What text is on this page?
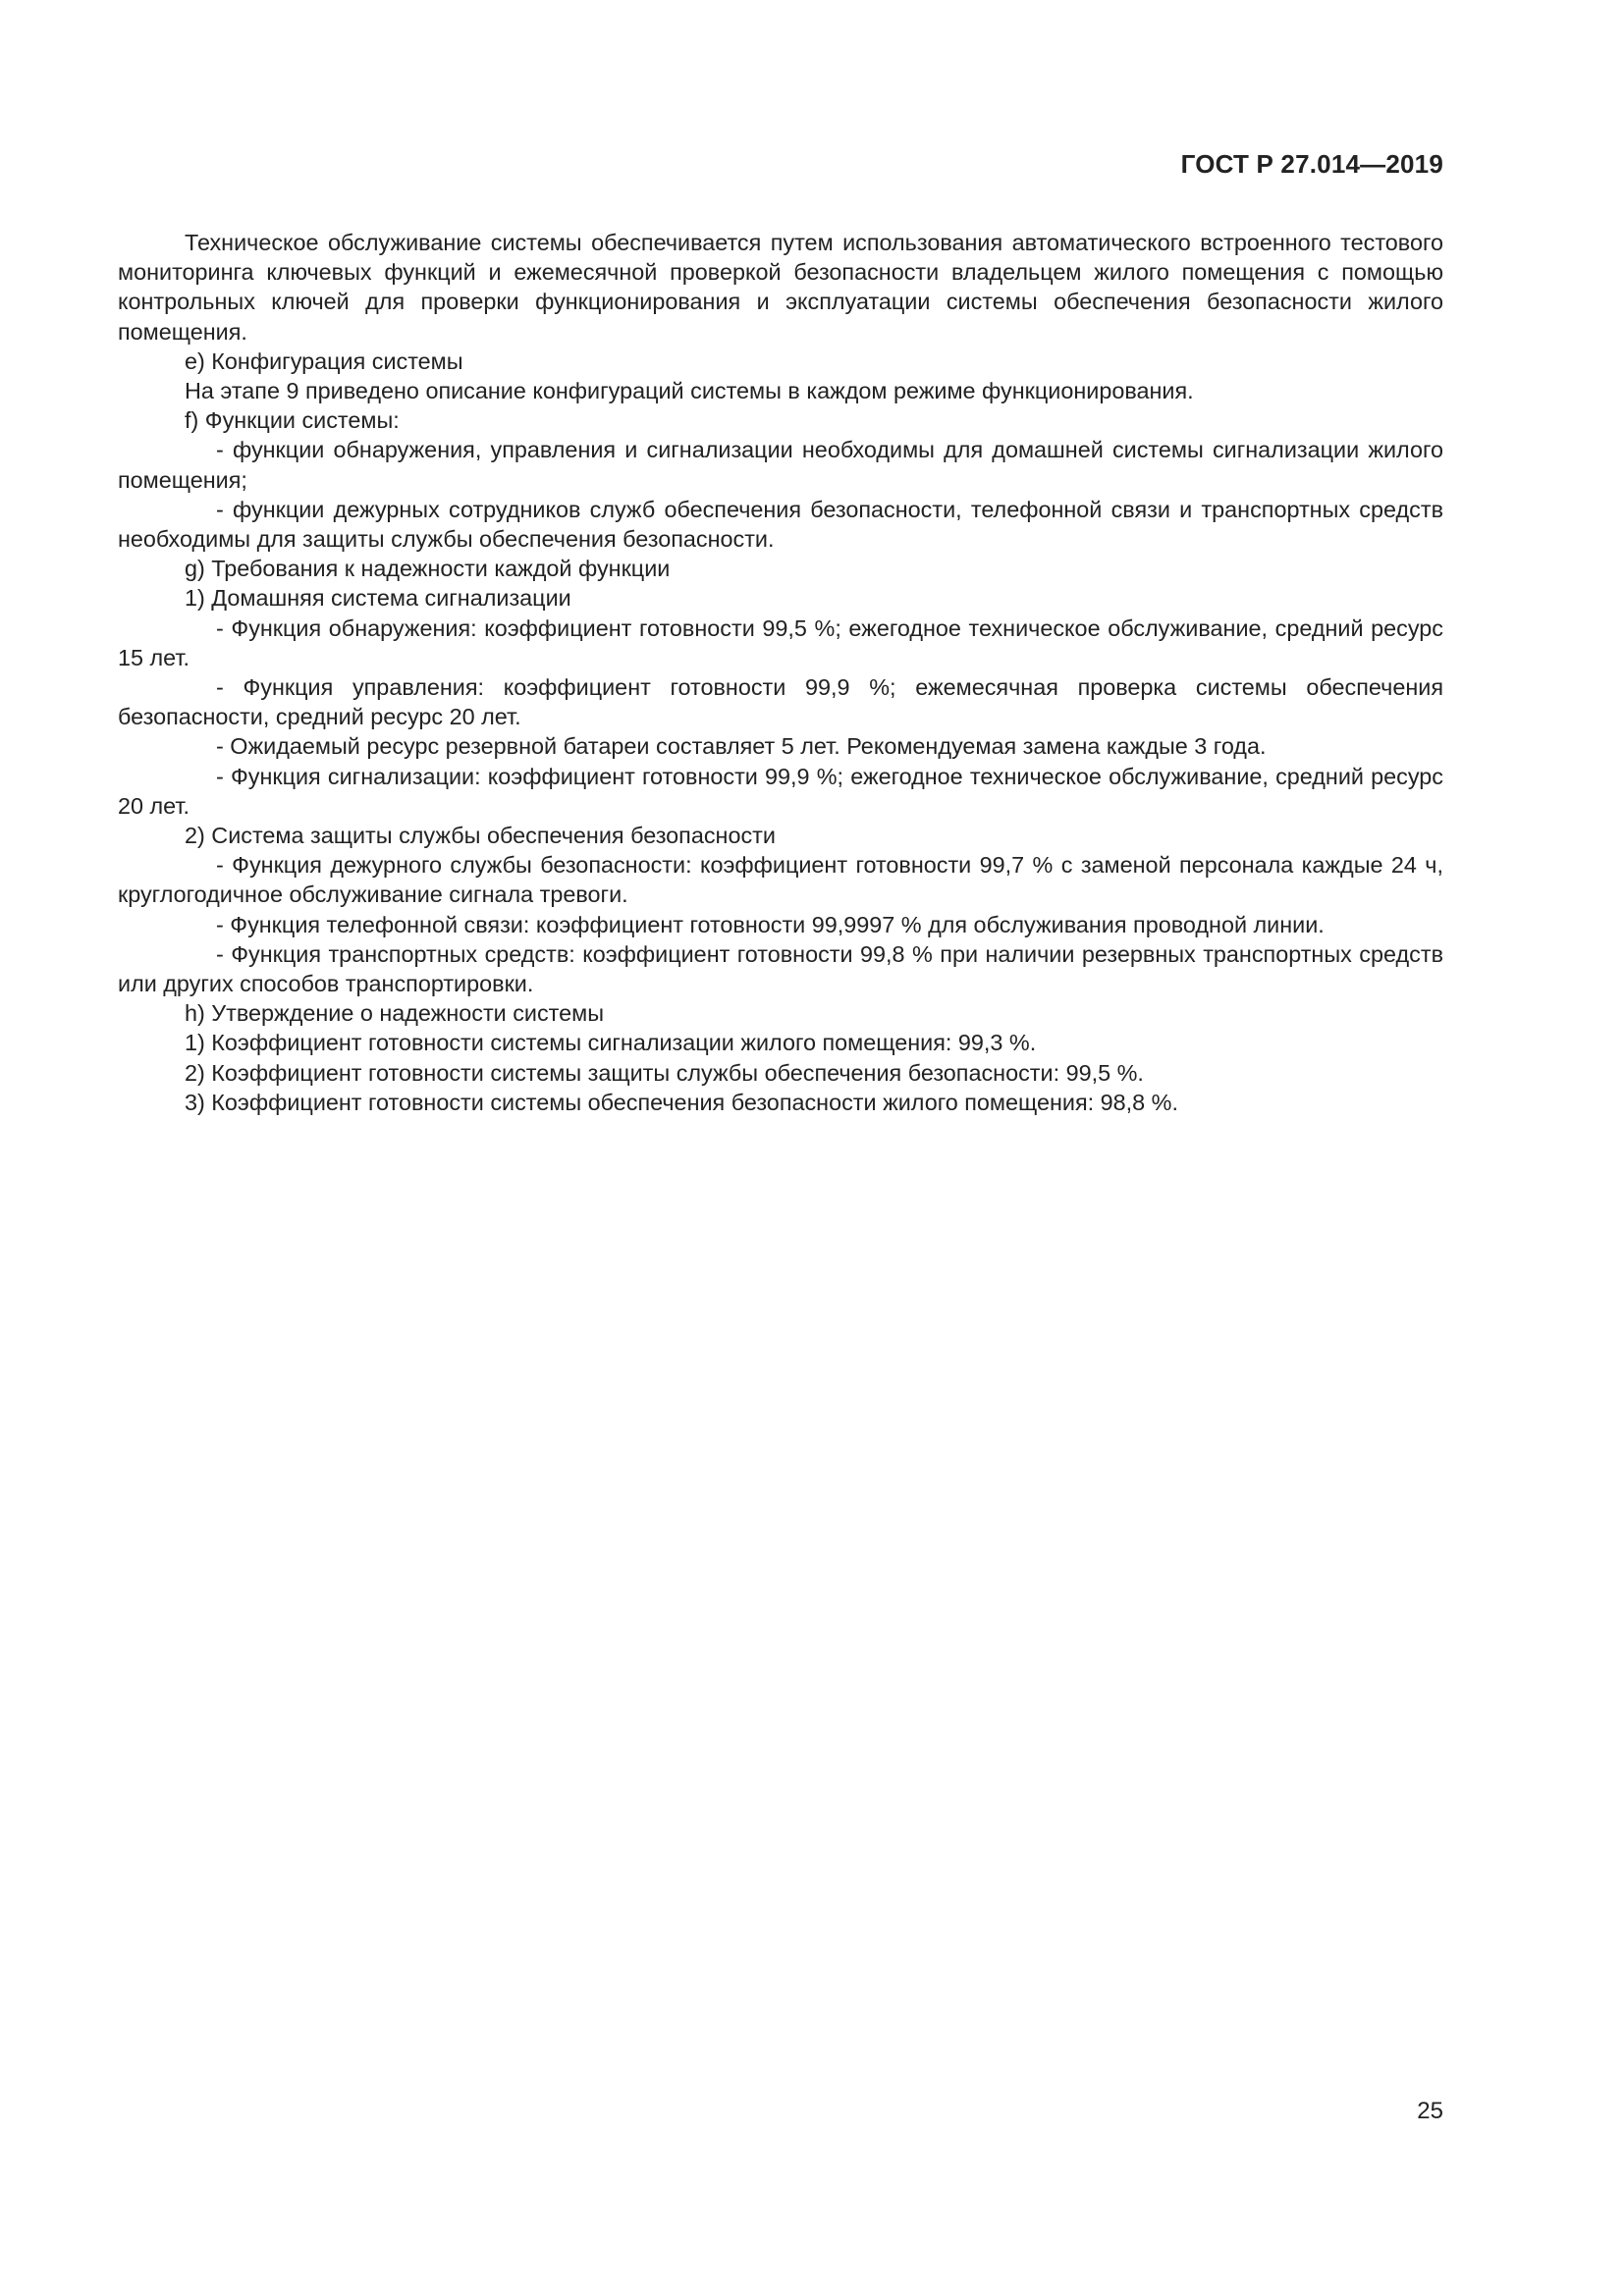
ГОСТ Р 27.014—2019

Техническое обслуживание системы обеспечивается путем использования автоматического встроенного тестового мониторинга ключевых функций и ежемесячной проверкой безопасности владельцем жилого помещения с помощью контрольных ключей для проверки функционирования и эксплуатации системы обеспечения безопасности жилого помещения.

е) Конфигурация системы

На этапе 9 приведено описание конфигураций системы в каждом режиме функционирования.

f) Функции системы:

- функции обнаружения, управления и сигнализации необходимы для домашней системы сигнализации жилого помещения;

- функции дежурных сотрудников служб обеспечения безопасности, телефонной связи и транспортных средств необходимы для защиты службы обеспечения безопасности.

g) Требования к надежности каждой функции

1) Домашняя система сигнализации

- Функция обнаружения: коэффициент готовности 99,5 %; ежегодное техническое обслуживание, средний ресурс 15 лет.

- Функция управления: коэффициент готовности 99,9 %; ежемесячная проверка системы обеспечения безопасности, средний ресурс 20 лет.

- Ожидаемый ресурс резервной батареи составляет 5 лет. Рекомендуемая замена каждые 3 года.

- Функция сигнализации: коэффициент готовности 99,9 %; ежегодное техническое обслуживание, средний ресурс 20 лет.

2) Система защиты службы обеспечения безопасности

- Функция дежурного службы безопасности: коэффициент готовности 99,7 % с заменой персонала каждые 24 ч, круглогодичное обслуживание сигнала тревоги.

- Функция телефонной связи: коэффициент готовности 99,9997 % для обслуживания проводной линии.

- Функция транспортных средств: коэффициент готовности 99,8 % при наличии резервных транспортных средств или других способов транспортировки.

h) Утверждение о надежности системы

1) Коэффициент готовности системы сигнализации жилого помещения: 99,3 %.

2) Коэффициент готовности системы защиты службы обеспечения безопасности: 99,5 %.

3) Коэффициент готовности системы обеспечения безопасности жилого помещения: 98,8 %.

25
